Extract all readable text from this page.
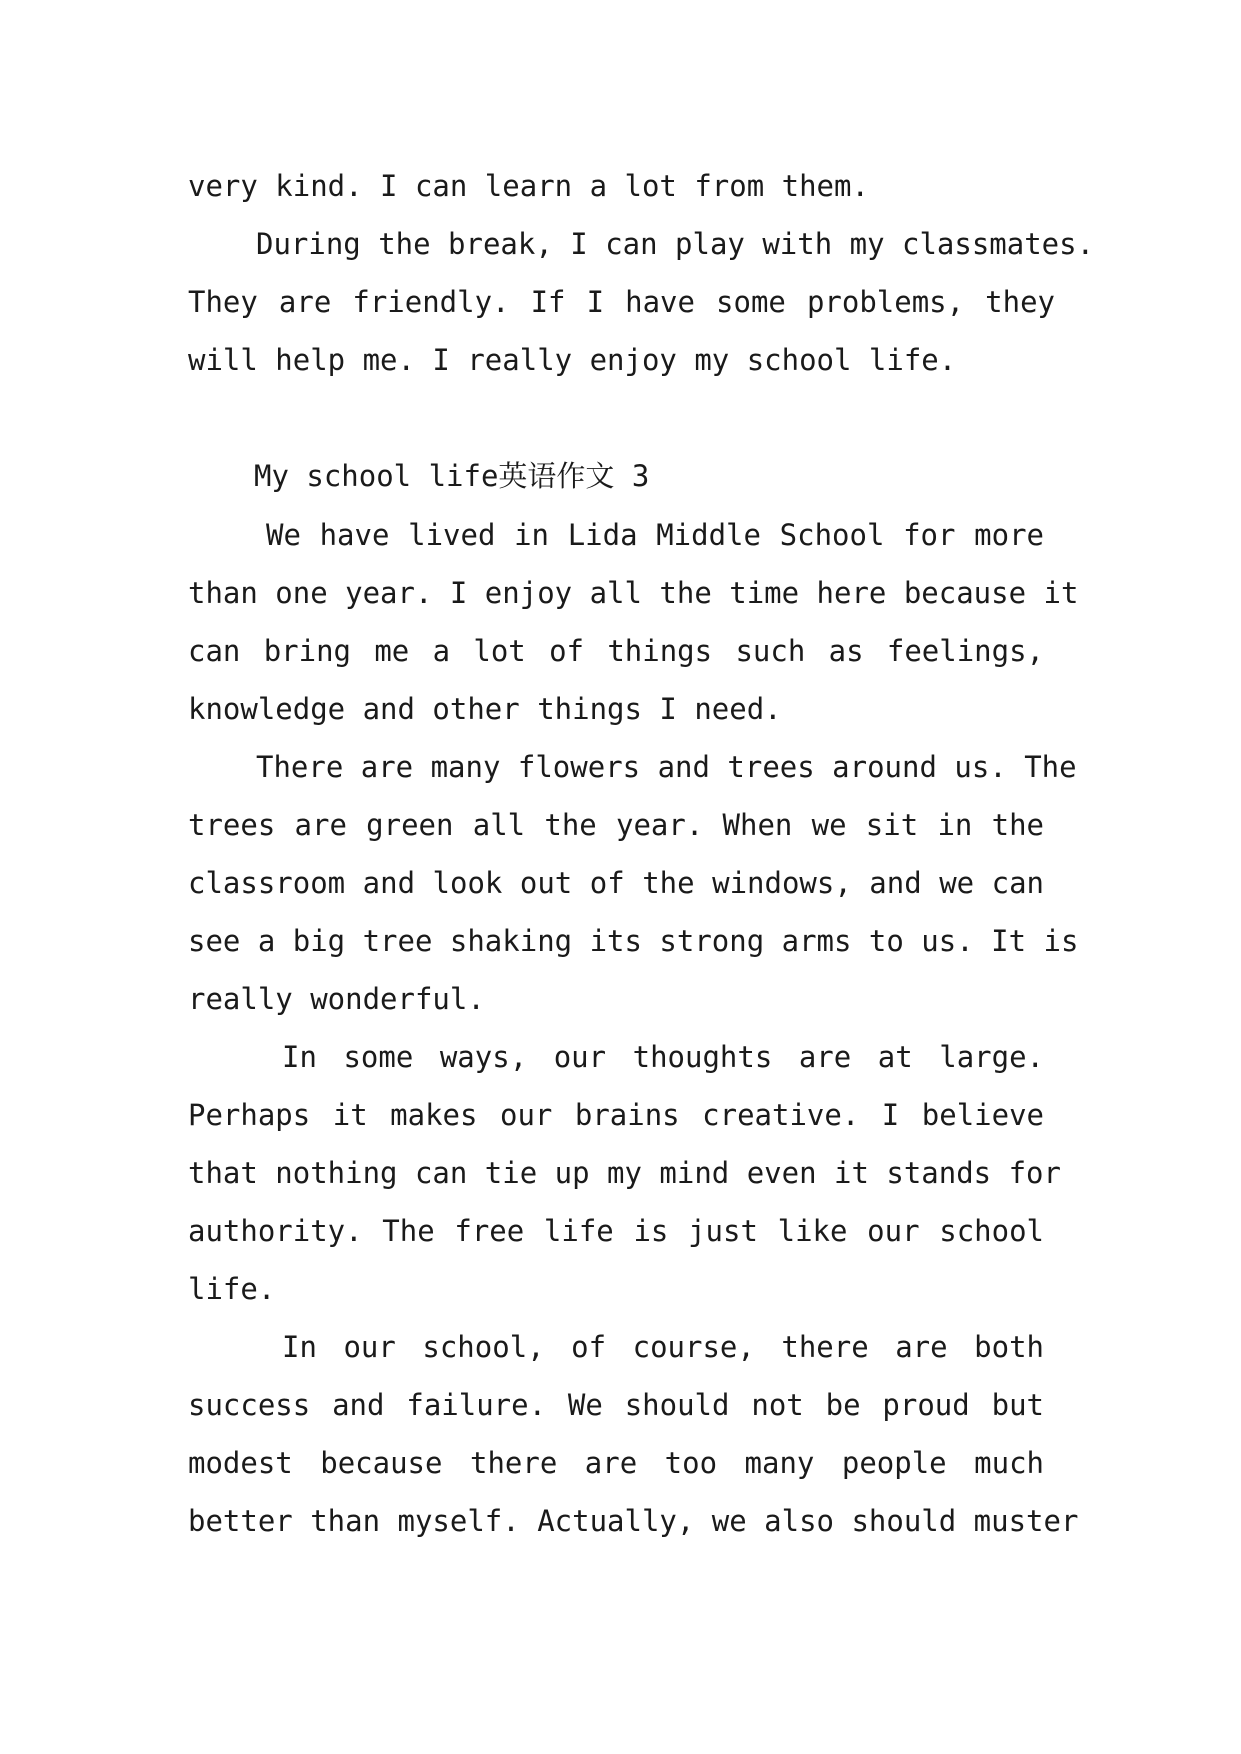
very kind. I can learn a lot from them.
During the break, I can play with my classmates.
They are friendly. If I have some problems, they
will help me. I really enjoy my school life.
My school life英语作文 3
We have lived in Lida Middle School for more
than one year. I enjoy all the time here because it
can bring me a lot of things such as feelings,
knowledge and other things I need.
There are many flowers and trees around us. The
trees are green all the year. When we sit in the
classroom and look out of the windows, and we can
see a big tree shaking its strong arms to us. It is
really wonderful.
In some ways, our thoughts are at large.
Perhaps it makes our brains creative. I believe
that nothing can tie up my mind even it stands for
authority. The free life is just like our school
life.
In our school, of course, there are both
success and failure. We should not be proud but
modest because there are too many people much
better than myself. Actually, we also should muster
